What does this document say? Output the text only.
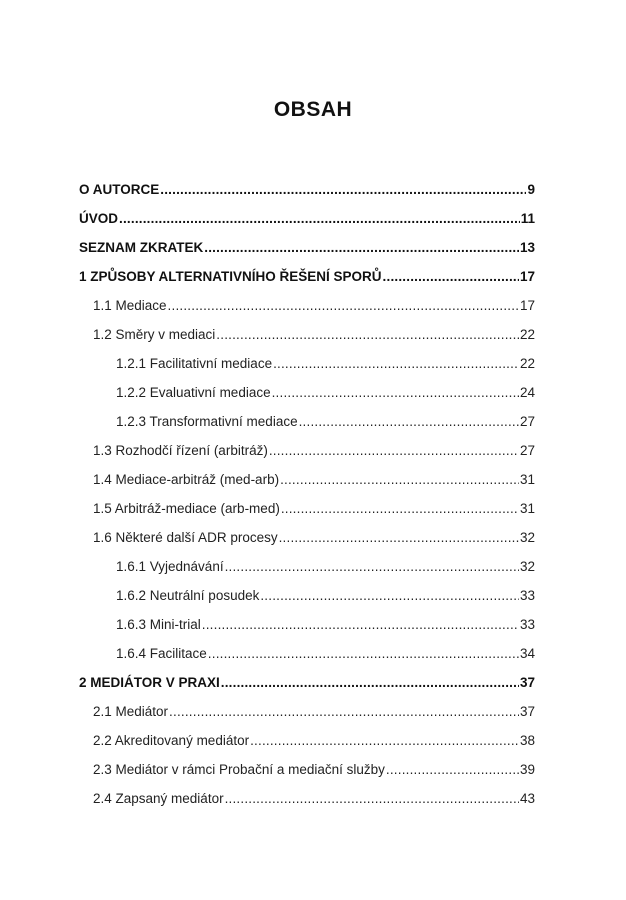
OBSAH
O AUTORCE .....	9
ÚVOD .....	11
SEZNAM ZKRATEK .....	13
1 ZPŮSOBY ALTERNATIVNÍHO ŘEŠENÍ SPORŮ .....	17
1.1 Mediace .....	17
1.2 Směry v mediaci .....	22
1.2.1 Facilitativní mediace .....	22
1.2.2 Evaluativní mediace .....	24
1.2.3 Transformativní mediace .....	27
1.3 Rozhodčí řízení (arbitráž) .....	27
1.4 Mediace-arbitráž (med-arb) .....	31
1.5 Arbitráž-mediace (arb-med) .....	31
1.6 Některé další ADR procesy .....	32
1.6.1 Vyjednávání .....	32
1.6.2 Neutrální posudek .....	33
1.6.3 Mini-trial .....	33
1.6.4 Facilitace .....	34
2 MEDIÁTOR V PRAXI .....	37
2.1 Mediátor .....	37
2.2 Akreditovaný mediátor .....	38
2.3 Mediátor v rámci Probační a mediační služby .....	39
2.4 Zapsaný mediátor .....	43
